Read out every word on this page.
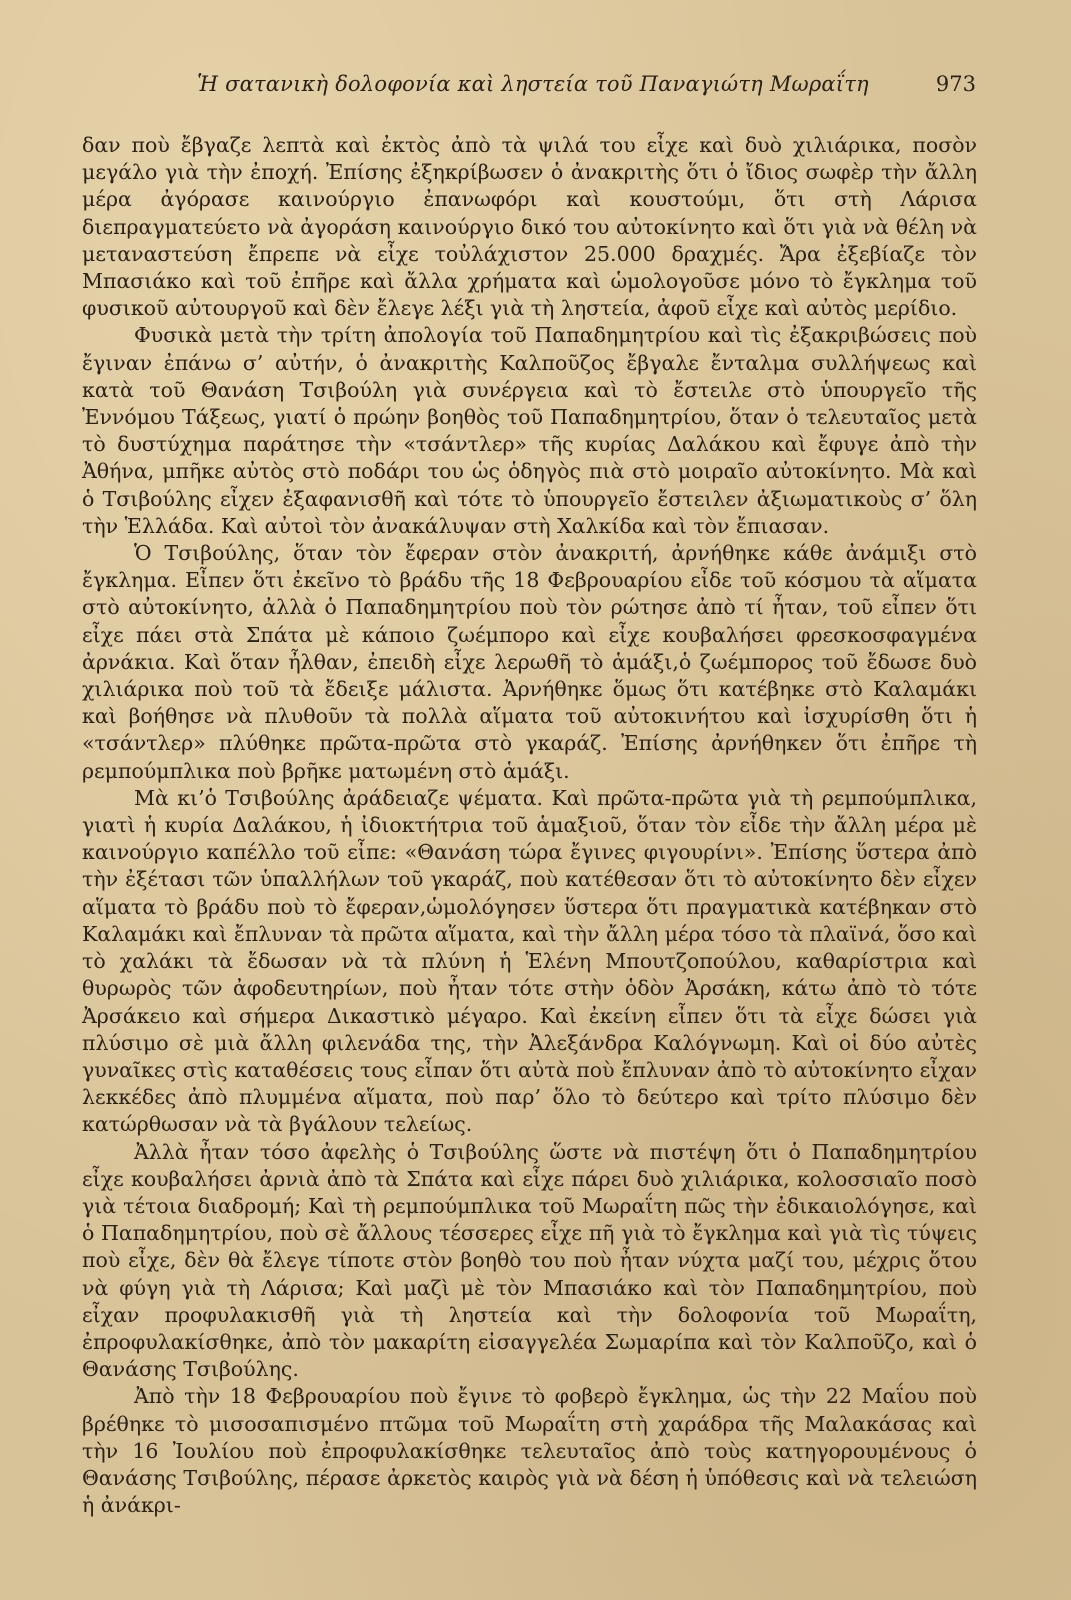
Ἡ σατανικὴ δολοφονία καὶ ληστεία τοῦ Παναγιώτη Μωραΐτη	973

δαν ποὺ ἔβγαζε λεπτὰ καὶ ἐκτὸς ἀπὸ τὰ ψιλά του εἶχε καὶ δυὸ χιλιάρικα, ποσὸν μεγάλο γιὰ τὴν ἐποχή. Ἐπίσης ἐξηκρίβωσεν ὁ ἀνακριτὴς ὅτι ὁ ἴδιος σωφὲρ τὴν ἄλλη μέρα ἀγόρασε καινούργιο ἐπανωφόρι καὶ κουστούμι, ὅτι στὴ Λάρισα διεπραγματεύετο νὰ ἀγοράση καινούργιο δικό του αὐτοκίνητο καὶ ὅτι γιὰ νὰ θέλη νὰ μεταναστεύση ἔπρεπε νὰ εἶχε τοὐλάχιστον 25.000 δραχμές. Ἄρα ἐξεβίαζε τὸν Μπασιάκο καὶ τοῦ ἐπῆρε καὶ ἄλλα χρήματα καὶ ὡμολογοῦσε μόνο τὸ ἔγκλημα τοῦ φυσικοῦ αὐτουργοῦ καὶ δὲν ἔλεγε λέξι γιὰ τὴ ληστεία, ἀφοῦ εἶχε καὶ αὐτὸς μερίδιο.

Φυσικὰ μετὰ τὴν τρίτη ἀπολογία τοῦ Παπαδημητρίου καὶ τὶς ἐξακριβώσεις ποὺ ἔγιναν ἐπάνω σ’ αὐτήν, ὁ ἀνακριτὴς Καλποῦζος ἔβγαλε ἔνταλμα συλλήψεως καὶ κατὰ τοῦ Θανάση Τσιβούλη γιὰ συνέργεια καὶ τὸ ἔστειλε στὸ ὑπουργεῖο τῆς Ἐννόμου Τάξεως, γιατί ὁ πρώην βοηθὸς τοῦ Παπαδημητρίου, ὅταν ὁ τελευταῖος μετὰ τὸ δυστύχημα παράτησε τὴν «τσάντλερ» τῆς κυρίας Δαλάκου καὶ ἔφυγε ἀπὸ τὴν Ἀθήνα, μπῆκε αὐτὸς στὸ ποδάρι του ὡς ὁδηγὸς πιὰ στὸ μοιραῖο αὐτοκίνητο. Μὰ καὶ ὁ Τσιβούλης εἶχεν ἐξαφανισθῆ καὶ τότε τὸ ὑπουργεῖο ἔστειλεν ἀξιωματικοὺς σ’ ὅλη τὴν Ἑλλάδα. Καὶ αὐτοὶ τὸν ἀνακάλυψαν στὴ Χαλκίδα καὶ τὸν ἔπιασαν.

Ὁ Τσιβούλης, ὅταν τὸν ἔφεραν στὸν ἀνακριτή, ἀρνήθηκε κάθε ἀνάμιξι στὸ ἔγκλημα. Εἶπεν ὅτι ἐκεῖνο τὸ βράδυ τῆς 18 Φεβρουαρίου εἶδε τοῦ κόσμου τὰ αἵματα στὸ αὐτοκίνητο, ἀλλὰ ὁ Παπαδημητρίου ποὺ τὸν ρώτησε ἀπὸ τί ἦταν, τοῦ εἶπεν ὅτι εἶχε πάει στὰ Σπάτα μὲ κάποιο ζωέμπορο καὶ εἶχε κουβαλήσει φρεσκοσφαγμένα ἀρνάκια. Καὶ ὅταν ἦλθαν, ἐπειδὴ εἶχε λερωθῆ τὸ ἁμάξι,ὁ ζωέμπορος τοῦ ἔδωσε δυὸ χιλιάρικα ποὺ τοῦ τὰ ἔδειξε μάλιστα. Ἀρνήθηκε ὅμως ὅτι κατέβηκε στὸ Καλαμάκι καὶ βοήθησε νὰ πλυθοῦν τὰ πολλὰ αἵματα τοῦ αὐτοκινήτου καὶ ἰσχυρίσθη ὅτι ἡ «τσάντλερ» πλύθηκε πρῶτα-πρῶτα στὸ γκαράζ. Ἐπίσης ἀρνήθηκεν ὅτι ἐπῆρε τὴ ρεμπούμπλικα ποὺ βρῆκε ματωμένη στὸ ἁμάξι.

Μὰ κι’ὁ Τσιβούλης ἀράδειαζε ψέματα. Καὶ πρῶτα-πρῶτα γιὰ τὴ ρεμπούμπλικα, γιατὶ ἡ κυρία Δαλάκου, ἡ ἰδιοκτήτρια τοῦ ἁμαξιοῦ, ὅταν τὸν εἶδε τὴν ἄλλη μέρα μὲ καινούργιο καπέλλο τοῦ εἶπε: «Θανάση τώρα ἔγινες φιγουρίνι». Ἐπίσης ὕστερα ἀπὸ τὴν ἐξέτασι τῶν ὑπαλλήλων τοῦ γκαράζ, ποὺ κατέθεσαν ὅτι τὸ αὐτοκίνητο δὲν εἶχεν αἵματα τὸ βράδυ ποὺ τὸ ἔφεραν,ὡμολόγησεν ὕστερα ὅτι πραγματικὰ κατέβηκαν στὸ Καλαμάκι καὶ ἔπλυναν τὰ πρῶτα αἵματα, καὶ τὴν ἄλλη μέρα τόσο τὰ πλαϊνά, ὅσο καὶ τὸ χαλάκι τὰ ἔδωσαν νὰ τὰ πλύνη ἡ Ἑλένη Μπουτζοπούλου, καθαρίστρια καὶ θυρωρὸς τῶν ἀφοδευτηρίων, ποὺ ἦταν τότε στὴν ὁδὸν Ἀρσάκη, κάτω ἀπὸ τὸ τότε Ἀρσάκειο καὶ σήμερα Δικαστικὸ μέγαρο. Καὶ ἐκείνη εἶπεν ὅτι τὰ εἶχε δώσει γιὰ πλύσιμο σὲ μιὰ ἄλλη φιλενάδα της, τὴν Ἀλεξάνδρα Καλόγνωμη. Καὶ οἱ δύο αὐτὲς γυναῖκες στὶς καταθέσεις τους εἶπαν ὅτι αὐτὰ ποὺ ἔπλυναν ἀπὸ τὸ αὐτοκίνητο εἶχαν λεκκέδες ἀπὸ πλυμμένα αἵματα, ποὺ παρ’ ὅλο τὸ δεύτερο καὶ τρίτο πλύσιμο δὲν κατώρθωσαν νὰ τὰ βγάλουν τελείως.

Ἀλλὰ ἦταν τόσο ἀφελὴς ὁ Τσιβούλης ὥστε νὰ πιστέψη ὅτι ὁ Παπαδημητρίου εἶχε κουβαλήσει ἀρνιὰ ἀπὸ τὰ Σπάτα καὶ εἶχε πάρει δυὸ χιλιάρικα, κολοσσιαῖο ποσὸ γιὰ τέτοια διαδρομή; Καὶ τὴ ρεμπούμπλικα τοῦ Μωραΐτη πῶς τὴν ἐδικαιολόγησε, καὶ ὁ Παπαδημητρίου, ποὺ σὲ ἄλλους τέσσερες εἶχε πῆ γιὰ τὸ ἔγκλημα καὶ γιὰ τὶς τύψεις ποὺ εἶχε, δὲν θὰ ἔλεγε τίποτε στὸν βοηθὸ του ποὺ ἦταν νύχτα μαζί του, μέχρις ὅτου νὰ φύγη γιὰ τὴ Λάρισα; Καὶ μαζὶ μὲ τὸν Μπασιάκο καὶ τὸν Παπαδημητρίου, ποὺ εἶχαν προφυλακισθῆ γιὰ τὴ ληστεία καὶ τὴν δολοφονία τοῦ Μωραΐτη, ἐπροφυλακίσθηκε, ἀπὸ τὸν μακαρίτη εἰσαγγελέα Σωμαρίπα καὶ τὸν Καλποῦζο, καὶ ὁ Θανάσης Τσιβούλης.

Ἀπὸ τὴν 18 Φεβρουαρίου ποὺ ἔγινε τὸ φοβερὸ ἔγκλημα, ὡς τὴν 22 Μαΐου ποὺ βρέθηκε τὸ μισοσαπισμένο πτῶμα τοῦ Μωραΐτη στὴ χαράδρα τῆς Μαλακάσας καὶ τὴν 16 Ἰουλίου ποὺ ἐπροφυλακίσθηκε τελευταῖος ἀπὸ τοὺς κατηγορουμένους ὁ Θανάσης Τσιβούλης, πέρασε ἀρκετὸς καιρὸς γιὰ νὰ δέση ἡ ὑπόθεσις καὶ νὰ τελειώση ἡ ἀνάκρι-
